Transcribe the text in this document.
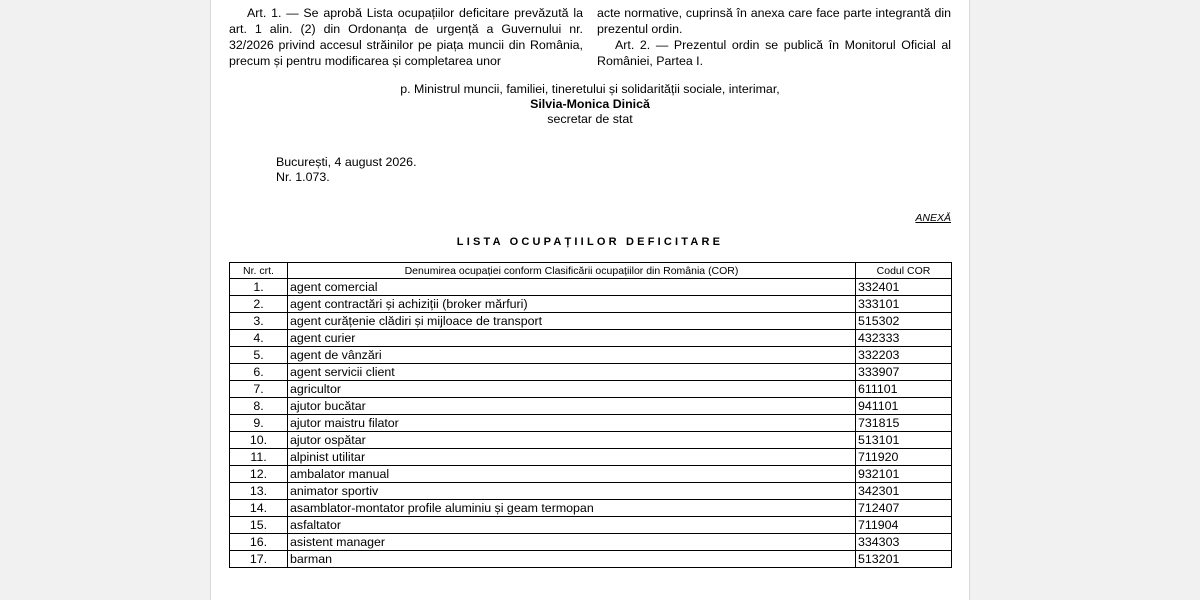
Art. 1. — Se aprobă Lista ocupațiilor deficitare prevăzută la art. 1 alin. (2) din Ordonanța de urgență a Guvernului nr. 32/2026 privind accesul străinilor pe piața muncii din România, precum și pentru modificarea și completarea unor

acte normative, cuprinsă în anexa care face parte integrantă din prezentul ordin.

Art. 2. — Prezentul ordin se publică în Monitorul Oficial al României, Partea I.

p. Ministrul muncii, familiei, tineretului și solidarității sociale, interimar,
Silvia-Monica Dinică
secretar de stat
București, 4 august 2026.
Nr. 1.073.
ANEXĂ
LISTA OCUPAȚIILOR DEFICITARE
Nr. crt.	Denumirea ocupației conform Clasificării ocupațiilor din România (COR)	Codul COR
1.	agent comercial	332401
2.	agent contractări și achiziții (broker mărfuri)	333101
3.	agent curățenie clădiri și mijloace de transport	515302
4.	agent curier	432333
5.	agent de vânzări	332203
6.	agent servicii client	333907
7.	agricultor	611101
8.	ajutor bucătar	941101
9.	ajutor maistru filator	731815
10.	ajutor ospătar	513101
11.	alpinist utilitar	711920
12.	ambalator manual	932101
13.	animator sportiv	342301
14.	asamblator-montator profile aluminiu și geam termopan	712407
15.	asfaltator	711904
16.	asistent manager	334303
17.	barman	513201
